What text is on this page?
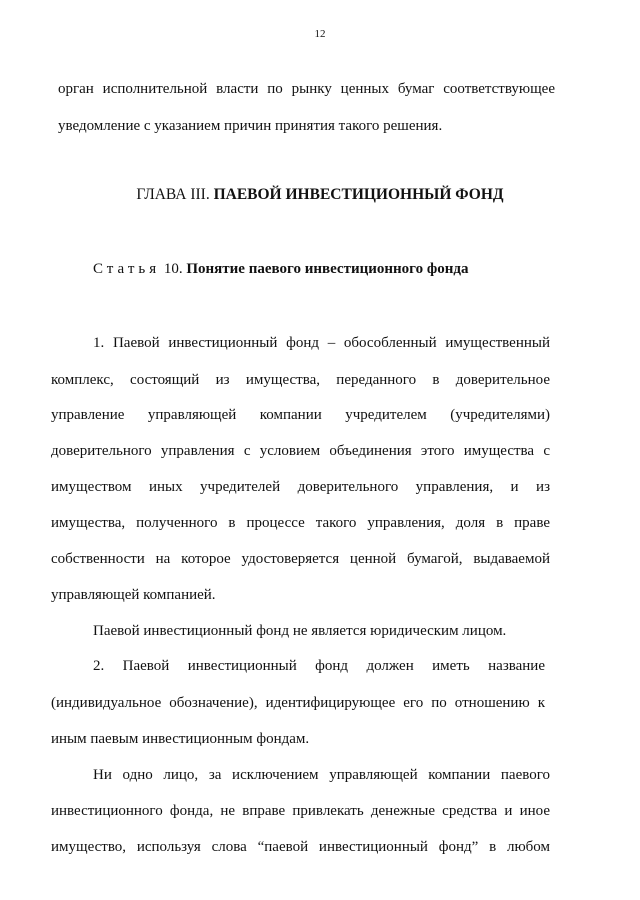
12
орган исполнительной власти по рынку ценных бумаг соответствующее
уведомление с указанием причин принятия такого решения.
ГЛАВА III. ПАЕВОЙ ИНВЕСТИЦИОННЫЙ ФОНД
Статья 10. Понятие паевого инвестиционного фонда
1. Паевой инвестиционный фонд – обособленный имущественный
комплекс, состоящий из имущества, переданного в доверительное
управление управляющей компании учредителем (учредителями)
доверительного управления с условием объединения этого имущества с
имуществом иных учредителей доверительного управления, и из
имущества, полученного в процессе такого управления, доля в праве
собственности на которое удостоверяется ценной бумагой, выдаваемой
управляющей компанией.
Паевой инвестиционный фонд не является юридическим лицом.
2. Паевой инвестиционный фонд должен иметь название
(индивидуальное обозначение), идентифицирующее его по отношению к
иным паевым инвестиционным фондам.
Ни одно лицо, за исключением управляющей компании паевого
инвестиционного фонда, не вправе привлекать денежные средства и иное
имущество, используя слова “паевой инвестиционный фонд” в любом
